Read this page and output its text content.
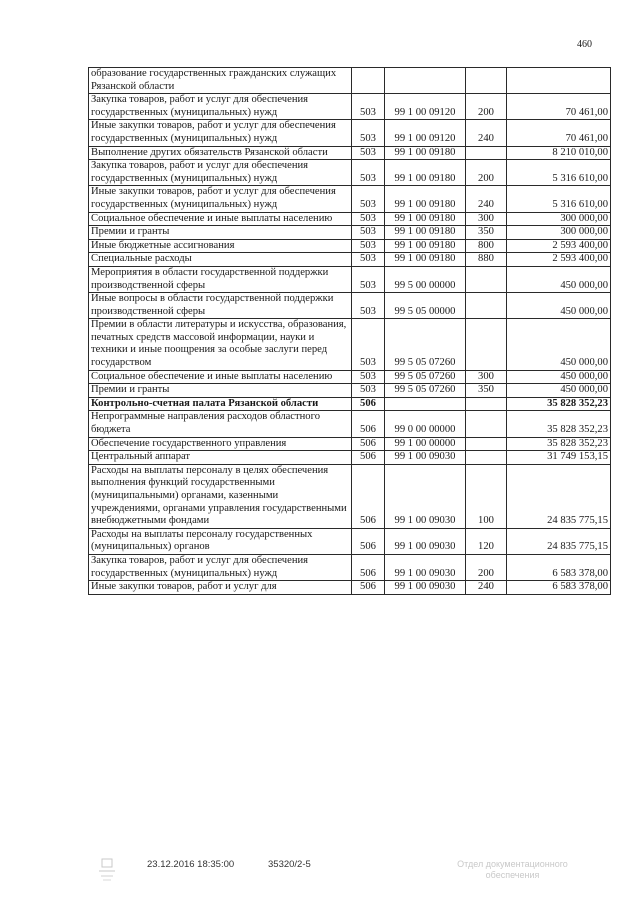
460
образование государственных гражданских служащих Рязанской области				
Закупка товаров, работ и услуг для обеспечения государственных (муниципальных) нужд	503	99 1 00 09120	200	70 461,00
Иные закупки товаров, работ и услуг для обеспечения государственных (муниципальных) нужд	503	99 1 00 09120	240	70 461,00
Выполнение других обязательств Рязанской области	503	99 1 00 09180		8 210 010,00
Закупка товаров, работ и услуг для обеспечения государственных (муниципальных) нужд	503	99 1 00 09180	200	5 316 610,00
Иные закупки товаров, работ и услуг для обеспечения государственных (муниципальных) нужд	503	99 1 00 09180	240	5 316 610,00
Социальное обеспечение и иные выплаты населению	503	99 1 00 09180	300	300 000,00
Премии и гранты	503	99 1 00 09180	350	300 000,00
Иные бюджетные ассигнования	503	99 1 00 09180	800	2 593 400,00
Специальные расходы	503	99 1 00 09180	880	2 593 400,00
Мероприятия в области государственной поддержки производственной сферы	503	99 5 00 00000		450 000,00
Иные вопросы в области государственной поддержки производственной сферы	503	99 5 05 00000		450 000,00
Премии в области литературы и искусства, образования, печатных средств массовой информации, науки и техники и иные поощрения за особые заслуги перед государством	503	99 5 05 07260		450 000,00
Социальное обеспечение и иные выплаты населению	503	99 5 05 07260	300	450 000,00
Премии и гранты	503	99 5 05 07260	350	450 000,00
Контрольно-счетная палата Рязанской области	506			35 828 352,23
Непрограммные направления расходов областного бюджета	506	99 0 00 00000		35 828 352,23
Обеспечение государственного управления	506	99 1 00 00000		35 828 352,23
Центральный аппарат	506	99 1 00 09030		31 749 153,15
Расходы на выплаты персоналу в целях обеспечения выполнения функций государственными (муниципальными) органами, казенными учреждениями, органами управления государственными внебюджетными фондами	506	99 1 00 09030	100	24 835 775,15
Расходы на выплаты персоналу государственных (муниципальных) органов	506	99 1 00 09030	120	24 835 775,15
Закупка товаров, работ и услуг для обеспечения государственных (муниципальных) нужд	506	99 1 00 09030	200	6 583 378,00
Иные закупки товаров, работ и услуг для	506	99 1 00 09030	240	6 583 378,00
23.12.2016 18:35:00	35320/2-5	Отдел документационного
обеспечения
